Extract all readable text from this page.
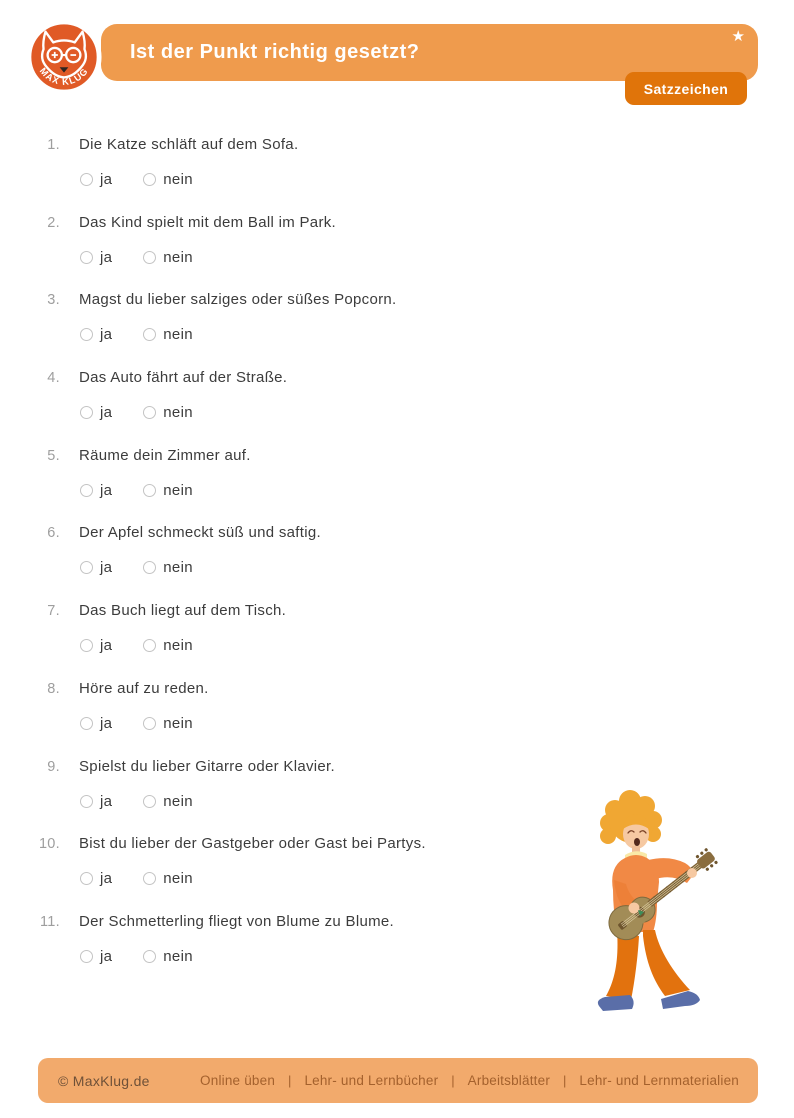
Ist der Punkt richtig gesetzt?
★
MAX KLUG
Satzzeichen
1. Die Katze schläft auf dem Sofa.
ja	nein
2. Das Kind spielt mit dem Ball im Park.
ja	nein
3. Magst du lieber salziges oder süßes Popcorn.
ja	nein
4. Das Auto fährt auf der Straße.
ja	nein
5. Räume dein Zimmer auf.
ja	nein
6. Der Apfel schmeckt süß und saftig.
ja	nein
7. Das Buch liegt auf dem Tisch.
ja	nein
8. Höre auf zu reden.
ja	nein
9. Spielst du lieber Gitarre oder Klavier.
ja	nein
10. Bist du lieber der Gastgeber oder Gast bei Partys.
ja	nein
11. Der Schmetterling fliegt von Blume zu Blume.
ja	nein
© MaxKlug.de	Online üben | Lehr- und Lernbücher | Arbeitsblätter | Lehr- und Lernmaterialien
